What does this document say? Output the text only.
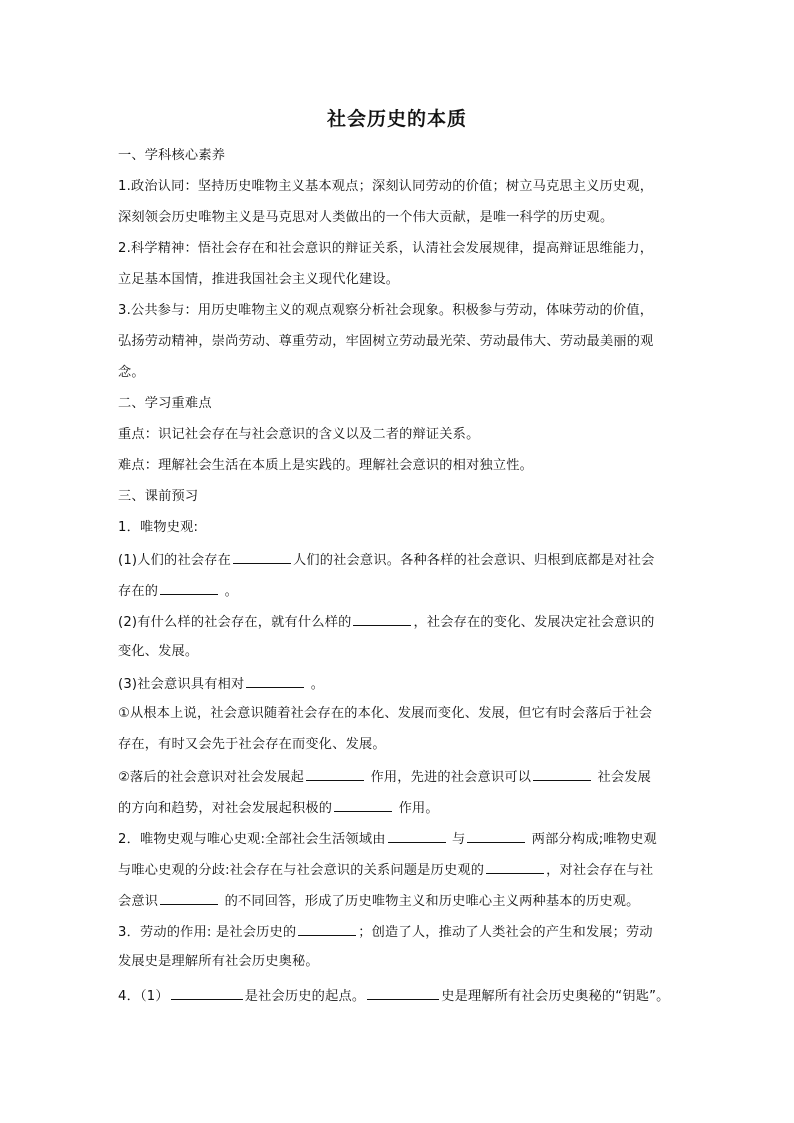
社会历史的本质
一、学科核心素养
1.政治认同：坚持历史唯物主义基本观点；深刻认同劳动的价值；树立马克思主义历史观，
深刻领会历史唯物主义是马克思对人类做出的一个伟大贡献，是唯一科学的历史观。
2.科学精神：悟社会存在和社会意识的辩证关系，认清社会发展规律，提高辩证思维能力，
立足基本国情，推进我国社会主义现代化建设。
3.公共参与：用历史唯物主义的观点观察分析社会现象。积极参与劳动，体味劳动的价值，
弘扬劳动精神，崇尚劳动、尊重劳动，牢固树立劳动最光荣、劳动最伟大、劳动最美丽的观
念。
二、学习重难点
重点：识记社会存在与社会意识的含义以及二者的辩证关系。
难点：理解社会生活在本质上是实践的。理解社会意识的相对独立性。
三、课前预习
1．唯物史观:
(1)人们的社会存在	人们的社会意识。各种各样的社会意识、归根到底都是对社会
存在的	。
(2)有什么样的社会存在，就有什么样的	，社会存在的变化、发展决定社会意识的
变化、发展。
(3)社会意识具有相对	。
①从根本上说，社会意识随着社会存在的本化、发展而变化、发展，但它有时会落后于社会
存在，有时又会先于社会存在而变化、发展。
②落后的社会意识对社会发展起	作用，先进的社会意识可以	社会发展
的方向和趋势，对社会发展起积极的	作用。
2．唯物史观与唯心史观:全部社会生活领域由	与	两部分构成;唯物史观
与唯心史观的分歧:社会存在与社会意识的关系问题是历史观的	，对社会存在与社
会意识	的不同回答，形成了历史唯物主义和历史唯心主义两种基本的历史观。
3．劳动的作用: 是社会历史的	；创造了人，推动了人类社会的产生和发展；劳动
发展史是理解所有社会历史奥秘。
4．（1）	是社会历史的起点。	史是理解所有社会历史奥秘的“钥匙”。
